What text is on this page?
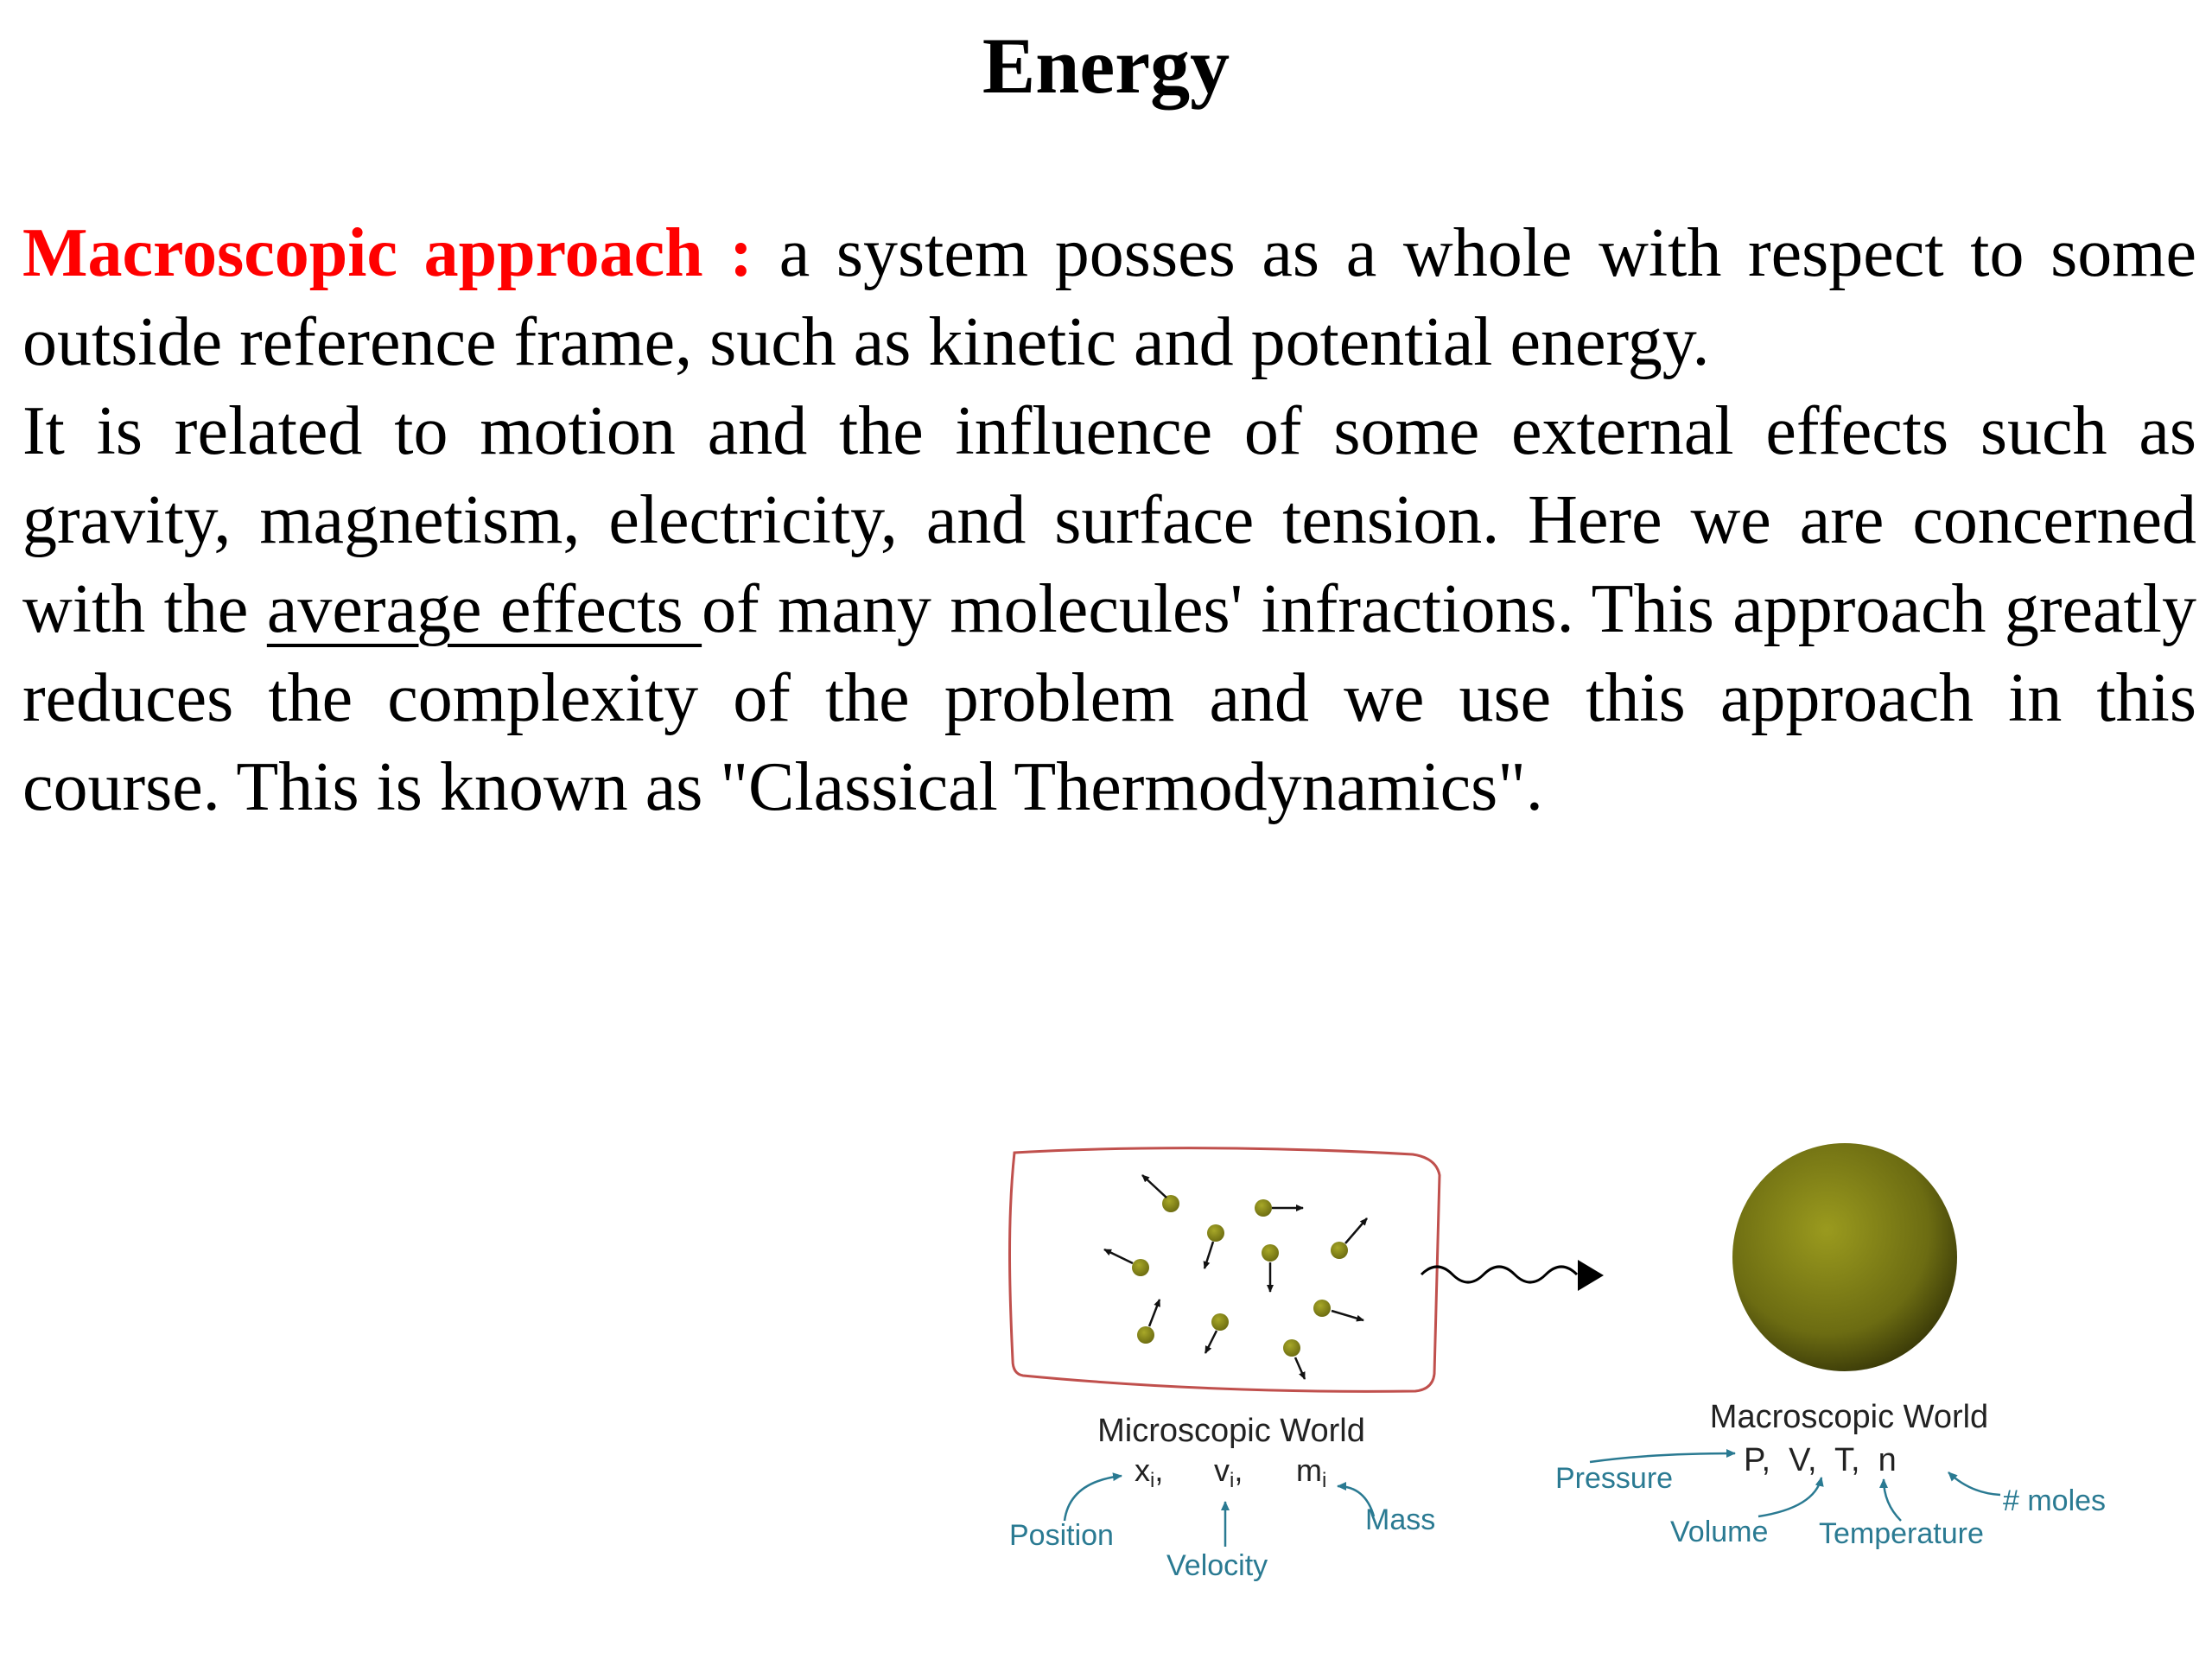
Energy
Macroscopic approach : a system posses as a whole with respect to some outside reference frame, such as kinetic and potential energy.
It is related to motion and the influence of some external effects such as gravity, magnetism, electricity, and surface tension. Here we are concerned with the average effects of many molecules' infractions. This approach greatly reduces the complexity of the problem and we use this approach in this course. This is known as "Classical Thermodynamics".
Microscopic World
xi, vi, mi
Position
Velocity
Mass
Macroscopic World
P,  V,  T,  n
Pressure
Volume Temperature
# moles
